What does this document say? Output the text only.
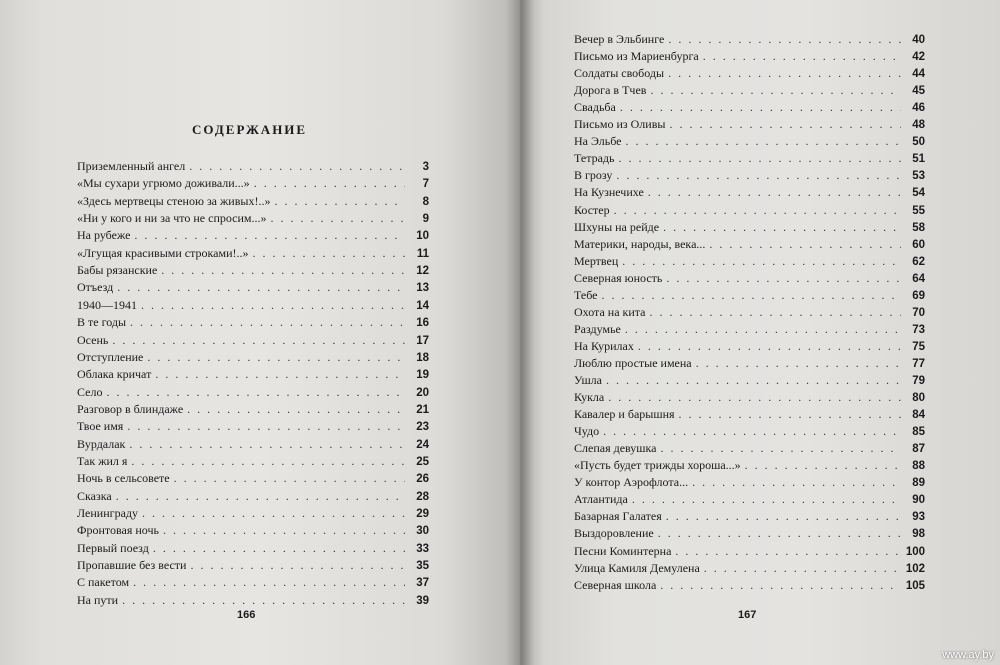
СОДЕРЖАНИЕ
Приземленный ангел . . .	3
«Мы сухари угрюмо доживали...» . . .	7
«Здесь мертвецы стеною за живых!..» . . .	8
«Ни у кого и ни за что не спросим...» . . .	9
На рубеже . . .	10
«Лгущая красивыми строками!..» . . .	11
Бабы рязанские . . .	12
Отъезд . . .	13
1940—1941 . . .	14
В те годы . . .	16
Осень . . .	17
Отступление . . .	18
Облака кричат . . .	19
Село . . .	20
Разговор в блиндаже . . .	21
Твое имя . . .	23
Вурдалак . . .	24
Так жил я . . .	25
Ночь в сельсовете . . .	26
Сказка . . .	28
Ленинграду . . .	29
Фронтовая ночь . . .	30
Первый поезд . . .	33
Пропавшие без вести . . .	35
С пакетом . . .	37
На пути . . .	39
Вечер в Эльбинге . . .	40
Письмо из Мариенбурга . . .	42
Солдаты свободы . . .	44
Дорога в Тчев . . .	45
Свадьба . . .	46
Письмо из Оливы . . .	48
На Эльбе . . .	50
Тетрадь . . .	51
В грозу . . .	53
На Кузнечихе . . .	54
Костер . . .	55
Шхуны на рейде . . .	58
Материки, народы, века... . . .	60
Мертвец . . .	62
Северная юность . . .	64
Тебе . . .	69
Охота на кита . . .	70
Раздумье . . .	73
На Курилах . . .	75
Люблю простые имена . . .	77
Ушла . . .	79
Кукла . . .	80
Кавалер и барышня . . .	84
Чудо . . .	85
Слепая девушка . . .	87
«Пусть будет трижды хороша...» . . .	88
У контор Аэрофлота... . . .	89
Атлантида . . .	90
Базарная Галатея . . .	93
Выздоровление . . .	98
Песни Коминтерна . . .	100
Улица Камиля Демулена . . .	102
Северная школа . . .	105
166	167
www.ay.by
